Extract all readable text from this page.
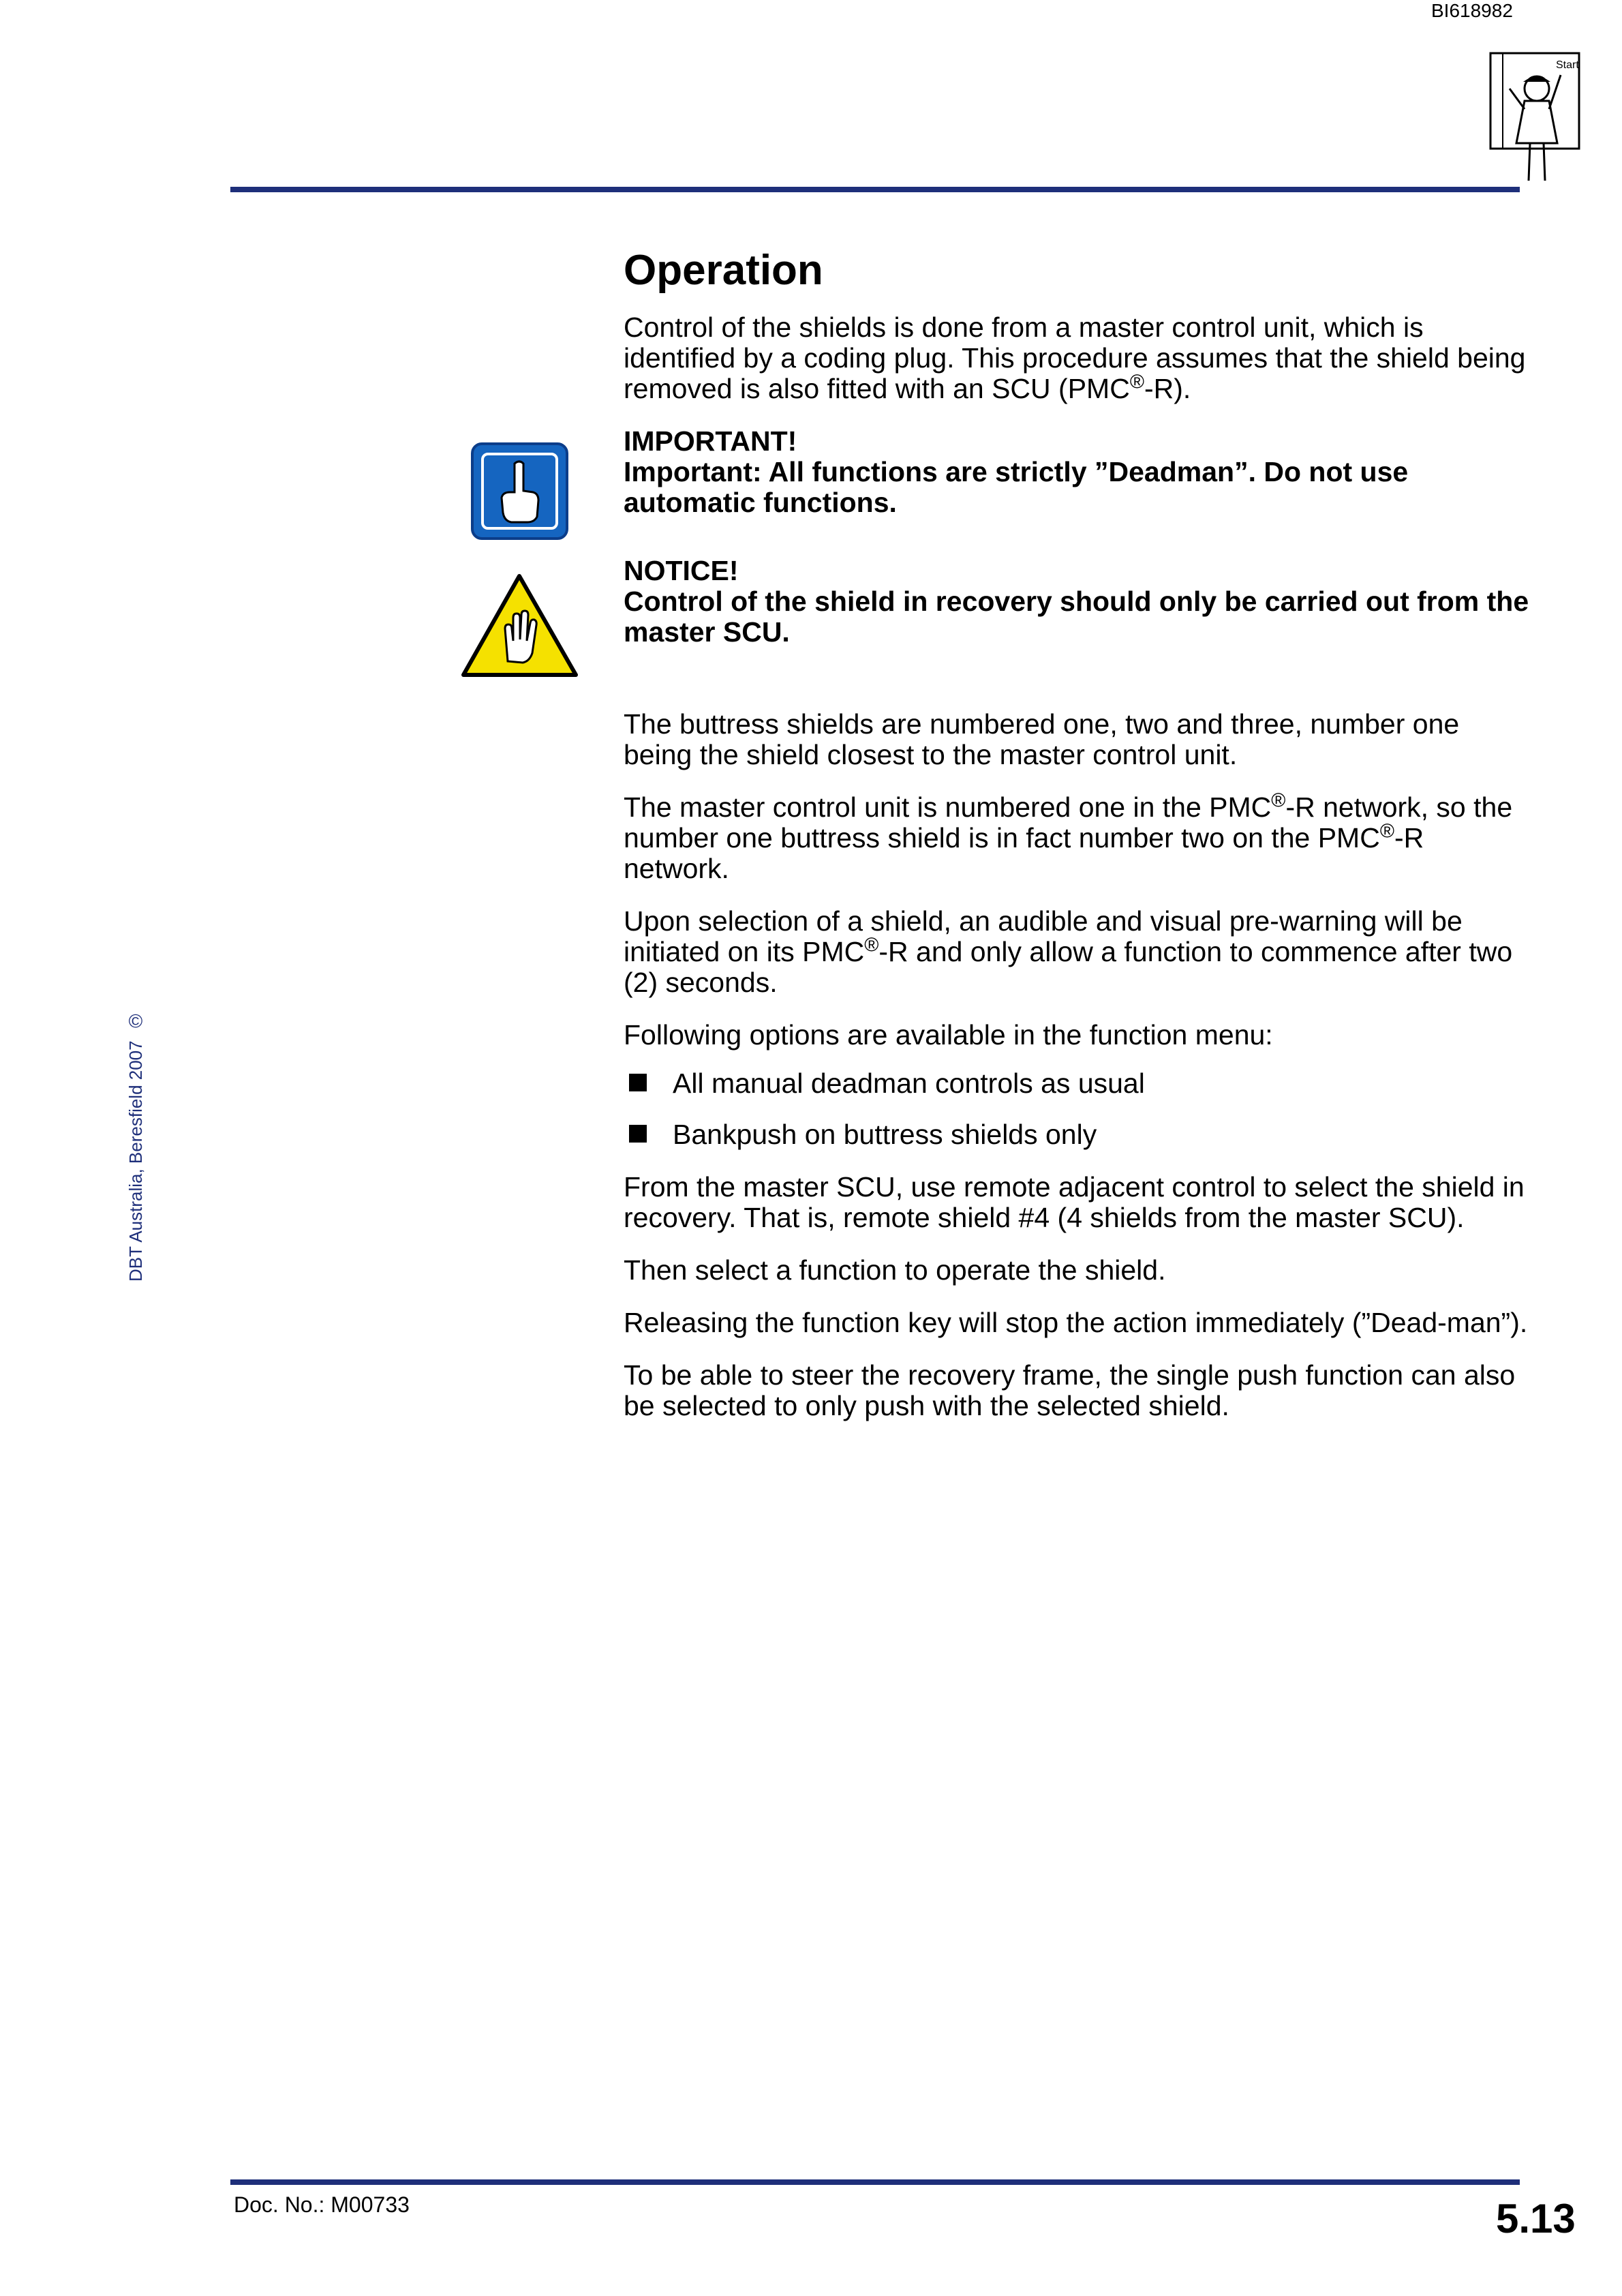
BI618982
Start
DBT Australia, Beresfield 2007 ©
Operation

Control of the shields is done from a master control unit, which is identified by a coding plug. This procedure assumes that the shield being removed is also fitted with an SCU (PMC®-R).

IMPORTANT!

Important: All functions are strictly ”Deadman”. Do not use automatic functions.

NOTICE!

Control of the shield in recovery should only be carried out from the master SCU.

The buttress shields are numbered one, two and three, number one being the shield closest to the master control unit.

The master control unit is numbered one in the PMC®-R network, so the number one buttress shield is in fact number two on the PMC®-R network.

Upon selection of a shield, an audible and visual pre-warning will be initiated on its PMC®-R and only allow a function to commence after two (2) seconds.

Following options are available in the function menu:

All manual deadman controls as usual
Bankpush on buttress shields only

From the master SCU, use remote adjacent control to select the shield in recovery. That is, remote shield #4 (4 shields from the master SCU).

Then select a function to operate the shield.

Releasing the function key will stop the action immediately (”Dead-man”).

To be able to steer the recovery frame, the single push function can also be selected to only push with the selected shield.

Doc. No.: M00733	5.13
